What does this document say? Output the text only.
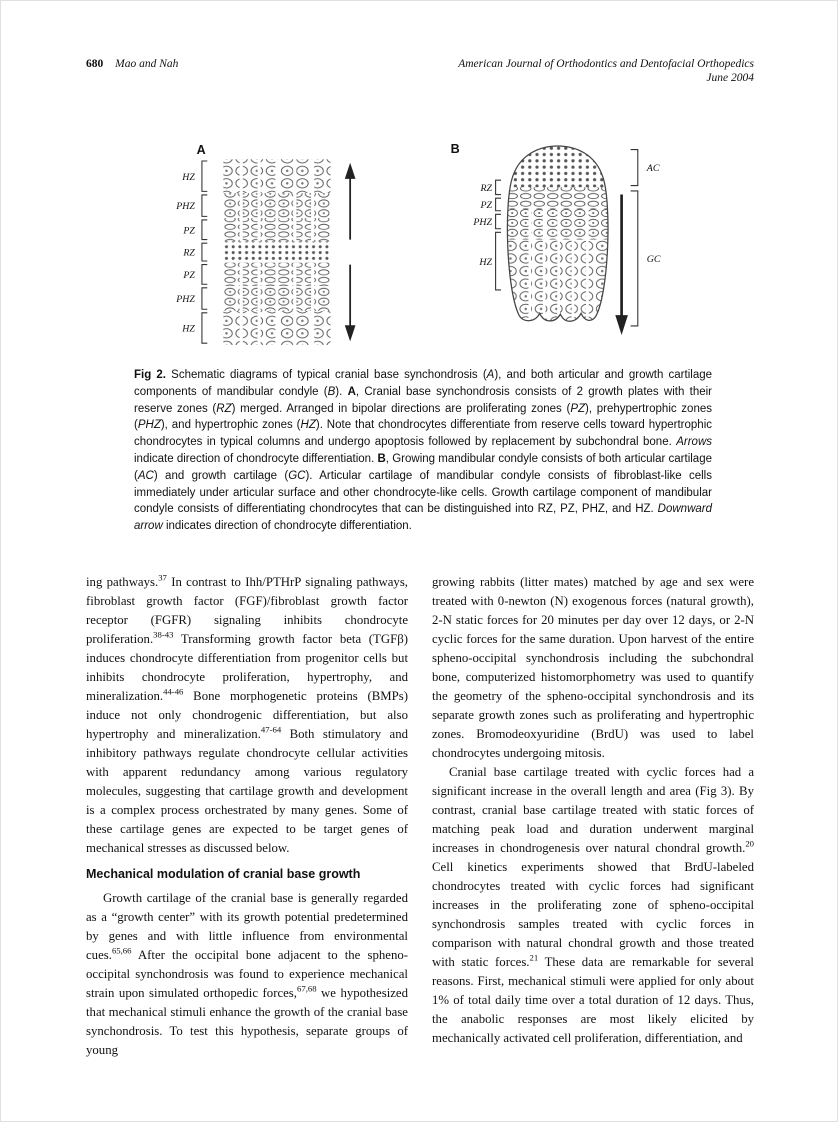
680 Mao and Nah	American Journal of Orthodontics and Dentofacial Orthopedics
June 2004
A
HZ
PHZ
PZ
RZ
PZ
PHZ
HZ
B
RZ
PZ
PHZ
HZ
AC
GC

Fig 2. Schematic diagrams of typical cranial base synchondrosis (A), and both articular and growth cartilage components of mandibular condyle (B). A, Cranial base synchondrosis consists of 2 growth plates with their reserve zones (RZ) merged. Arranged in bipolar directions are proliferating zones (PZ), prehypertrophic zones (PHZ), and hypertrophic zones (HZ). Note that chondrocytes differentiate from reserve cells toward hypertrophic chondrocytes in typical columns and undergo apoptosis followed by replacement by subchondral bone. Arrows indicate direction of chondrocyte differentiation. B, Growing mandibular condyle consists of both articular cartilage (AC) and growth cartilage (GC). Articular cartilage of mandibular condyle consists of fibroblast-like cells immediately under articular surface and other chondrocyte-like cells. Growth cartilage component of mandibular condyle consists of differentiating chondrocytes that can be distinguished into RZ, PZ, PHZ, and HZ. Downward arrow indicates direction of chondrocyte differentiation.

ing pathways.$^{37}$ In contrast to Ihh/PTHrP signaling pathways, fibroblast growth factor (FGF)/fibroblast growth factor receptor (FGFR) signaling inhibits chondrocyte proliferation.$^{38-43}$ Transforming growth factor beta (TGFβ) induces chondrocyte differentiation from progenitor cells but inhibits chondrocyte proliferation, hypertrophy, and mineralization.$^{44-46}$ Bone morphogenetic proteins (BMPs) induce not only chondrogenic differentiation, but also hypertrophy and mineralization.$^{47-64}$ Both stimulatory and inhibitory pathways regulate chondrocyte cellular activities with apparent redundancy among various regulatory molecules, suggesting that cartilage growth and development is a complex process orchestrated by many genes. Some of these cartilage genes are expected to be target genes of mechanical stresses as discussed below.

Mechanical modulation of cranial base growth

Growth cartilage of the cranial base is generally regarded as a “growth center” with its growth potential predetermined by genes and with little influence from environmental cues.$^{65,66}$ After the occipital bone adjacent to the spheno-occipital synchondrosis was found to experience mechanical strain upon simulated orthopedic forces,$^{67,68}$ we hypothesized that mechanical stimuli enhance the growth of the cranial base synchondrosis. To test this hypothesis, separate groups of young

growing rabbits (litter mates) matched by age and sex were treated with 0-newton (N) exogenous forces (natural growth), 2-N static forces for 20 minutes per day over 12 days, or 2-N cyclic forces for the same duration. Upon harvest of the entire spheno-occipital synchondrosis including the subchondral bone, computerized histomorphometry was used to quantify the geometry of the spheno-occipital synchondrosis and its separate growth zones such as proliferating and hypertrophic zones. Bromodeoxyuridine (BrdU) was used to label chondrocytes undergoing mitosis.

Cranial base cartilage treated with cyclic forces had a significant increase in the overall length and area (Fig 3). By contrast, cranial base cartilage treated with static forces of matching peak load and duration underwent marginal increases in chondrogenesis over natural chondral growth.$^{20}$ Cell kinetics experiments showed that BrdU-labeled chondrocytes treated with cyclic forces had significant increases in the proliferating zone of spheno-occipital synchondrosis samples treated with cyclic forces in comparison with natural chondral growth and those treated with static forces.$^{21}$ These data are remarkable for several reasons. First, mechanical stimuli were applied for only about 1% of total daily time over a total duration of 12 days. Thus, the anabolic responses are most likely elicited by mechanically activated cell proliferation, differentiation, and
